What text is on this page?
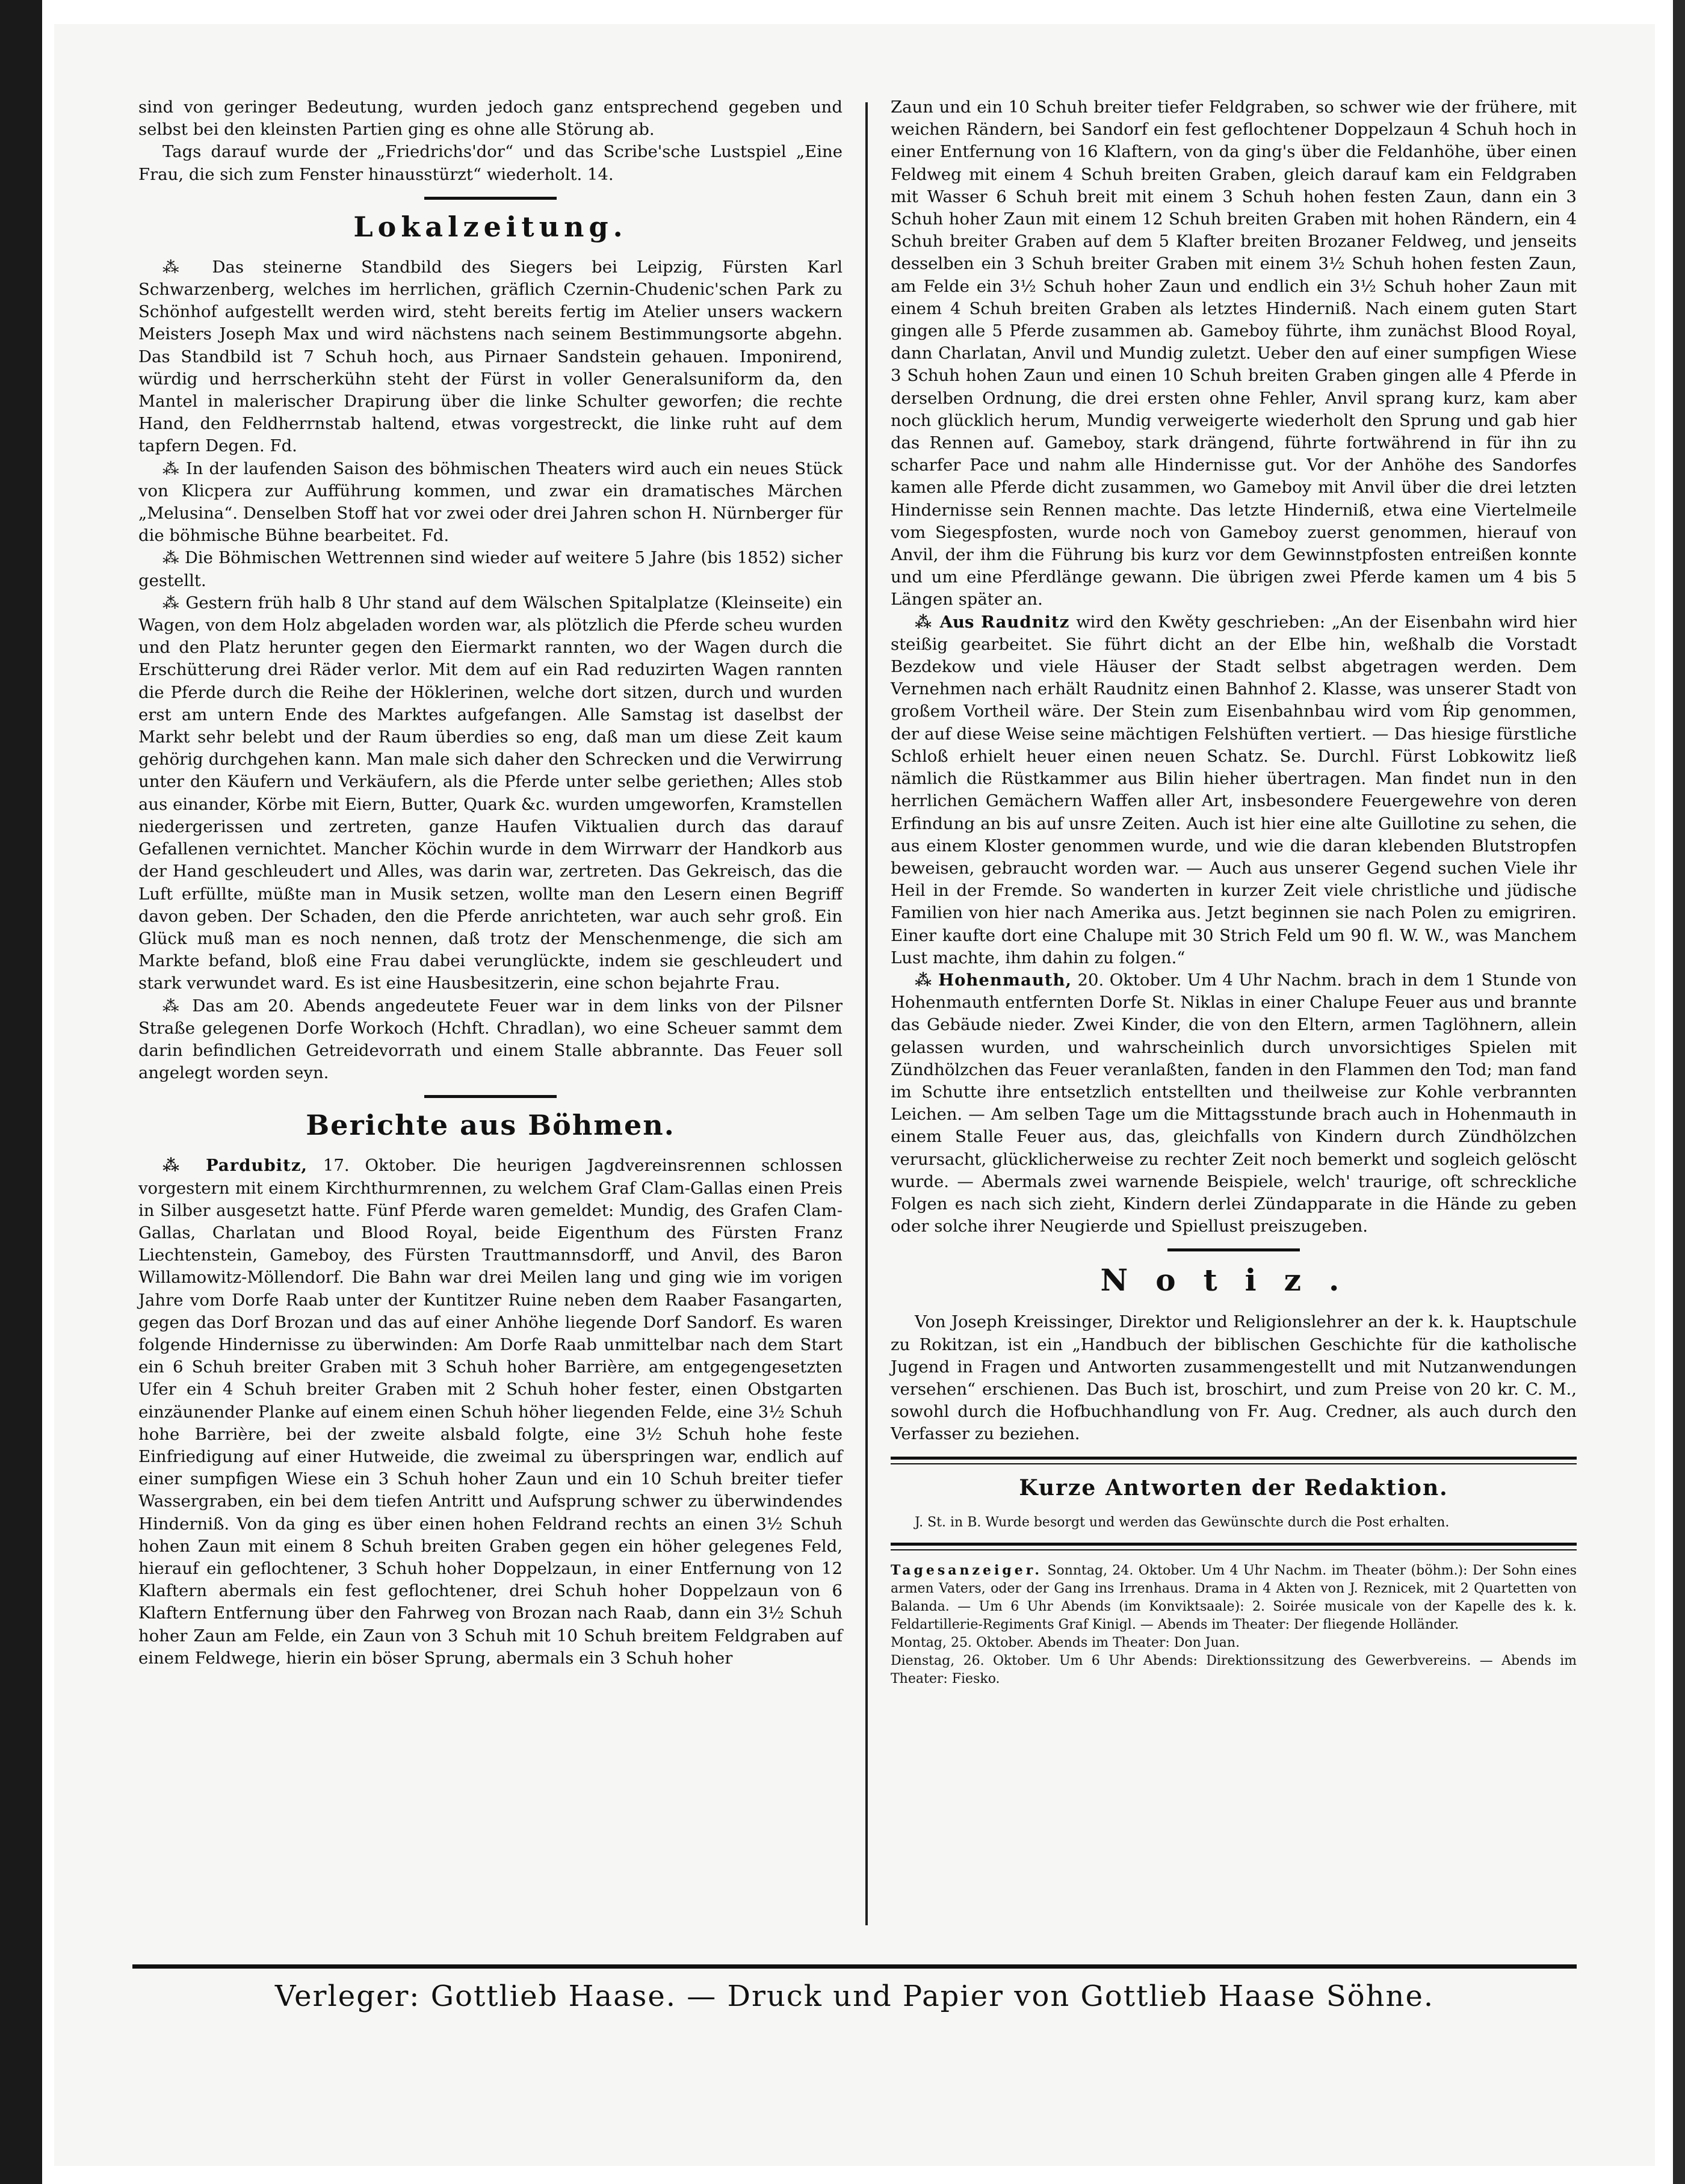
sind von geringer Bedeutung, wurden jedoch ganz entsprechend gegeben und selbst bei den kleinsten Partien ging es ohne alle Störung ab.

Tags darauf wurde der „Friedrichs'dor“ und das Scribe'sche Lustspiel „Eine Frau, die sich zum Fenster hinausstürzt“ wiederholt. 14.

Lokalzeitung.

⁂ Das steinerne Standbild des Siegers bei Leipzig, Fürsten Karl Schwarzenberg, welches im herrlichen, gräflich Czernin-Chudenic'schen Park zu Schönhof aufgestellt werden wird, steht bereits fertig im Atelier unsers wackern Meisters Joseph Max und wird nächstens nach seinem Bestimmungsorte abgehn. Das Standbild ist 7 Schuh hoch, aus Pirnaer Sandstein gehauen. Imponirend, würdig und herrscherkühn steht der Fürst in voller Generalsuniform da, den Mantel in malerischer Drapirung über die linke Schulter geworfen; die rechte Hand, den Feldherrnstab haltend, etwas vorgestreckt, die linke ruht auf dem tapfern Degen. Fd.

⁂ In der laufenden Saison des böhmischen Theaters wird auch ein neues Stück von Klicpera zur Aufführung kommen, und zwar ein dramatisches Märchen „Melusina“. Denselben Stoff hat vor zwei oder drei Jahren schon H. Nürnberger für die böhmische Bühne bearbeitet. Fd.

⁂ Die Böhmischen Wettrennen sind wieder auf weitere 5 Jahre (bis 1852) sicher gestellt.

⁂ Gestern früh halb 8 Uhr stand auf dem Wälschen Spitalplatze (Kleinseite) ein Wagen, von dem Holz abgeladen worden war, als plötzlich die Pferde scheu wurden und den Platz herunter gegen den Eiermarkt rannten, wo der Wagen durch die Erschütterung drei Räder verlor. Mit dem auf ein Rad reduzirten Wagen rannten die Pferde durch die Reihe der Höklerinen, welche dort sitzen, durch und wurden erst am untern Ende des Marktes aufgefangen. Alle Samstag ist daselbst der Markt sehr belebt und der Raum überdies so eng, daß man um diese Zeit kaum gehörig durchgehen kann. Man male sich daher den Schrecken und die Verwirrung unter den Käufern und Verkäufern, als die Pferde unter selbe geriethen; Alles stob aus einander, Körbe mit Eiern, Butter, Quark &c. wurden umgeworfen, Kramstellen niedergerissen und zertreten, ganze Haufen Viktualien durch das darauf Gefallenen vernichtet. Mancher Köchin wurde in dem Wirrwarr der Handkorb aus der Hand geschleudert und Alles, was darin war, zertreten. Das Gekreisch, das die Luft erfüllte, müßte man in Musik setzen, wollte man den Lesern einen Begriff davon geben. Der Schaden, den die Pferde anrichteten, war auch sehr groß. Ein Glück muß man es noch nennen, daß trotz der Menschenmenge, die sich am Markte befand, bloß eine Frau dabei verunglückte, indem sie geschleudert und stark verwundet ward. Es ist eine Hausbesitzerin, eine schon bejahrte Frau.

⁂ Das am 20. Abends angedeutete Feuer war in dem links von der Pilsner Straße gelegenen Dorfe Workoch (Hchft. Chradlan), wo eine Scheuer sammt dem darin befindlichen Getreidevorrath und einem Stalle abbrannte. Das Feuer soll angelegt worden seyn.

Berichte aus Böhmen.

⁂ Pardubitz, 17. Oktober. Die heurigen Jagdvereinsrennen schlossen vorgestern mit einem Kirchthurmrennen, zu welchem Graf Clam-Gallas einen Preis in Silber ausgesetzt hatte. Fünf Pferde waren gemeldet: Mundig, des Grafen Clam-Gallas, Charlatan und Blood Royal, beide Eigenthum des Fürsten Franz Liechtenstein, Gameboy, des Fürsten Trauttmannsdorff, und Anvil, des Baron Willamowitz-Möllendorf. Die Bahn war drei Meilen lang und ging wie im vorigen Jahre vom Dorfe Raab unter der Kuntitzer Ruine neben dem Raaber Fasangarten, gegen das Dorf Brozan und das auf einer Anhöhe liegende Dorf Sandorf. Es waren folgende Hindernisse zu überwinden: Am Dorfe Raab unmittelbar nach dem Start ein 6 Schuh breiter Graben mit 3 Schuh hoher Barrière, am entgegengesetzten Ufer ein 4 Schuh breiter Graben mit 2 Schuh hoher fester, einen Obstgarten einzäunender Planke auf einem einen Schuh höher liegenden Felde, eine 3½ Schuh hohe Barrière, bei der zweite alsbald folgte, eine 3½ Schuh hohe feste Einfriedigung auf einer Hutweide, die zweimal zu überspringen war, endlich auf einer sumpfigen Wiese ein 3 Schuh hoher Zaun und ein 10 Schuh breiter tiefer Wassergraben, ein bei dem tiefen Antritt und Aufsprung schwer zu überwindendes Hinderniß. Von da ging es über einen hohen Feldrand rechts an einen 3½ Schuh hohen Zaun mit einem 8 Schuh breiten Graben gegen ein höher gelegenes Feld, hierauf ein geflochtener, 3 Schuh hoher Doppelzaun, in einer Entfernung von 12 Klaftern abermals ein fest geflochtener, drei Schuh hoher Doppelzaun von 6 Klaftern Entfernung über den Fahrweg von Brozan nach Raab, dann ein 3½ Schuh hoher Zaun am Felde, ein Zaun von 3 Schuh mit 10 Schuh breitem Feldgraben auf einem Feldwege, hierin ein böser Sprung, abermals ein 3 Schuh hoher

Zaun und ein 10 Schuh breiter tiefer Feldgraben, so schwer wie der frühere, mit weichen Rändern, bei Sandorf ein fest geflochtener Doppelzaun 4 Schuh hoch in einer Entfernung von 16 Klaftern, von da ging's über die Feldanhöhe, über einen Feldweg mit einem 4 Schuh breiten Graben, gleich darauf kam ein Feldgraben mit Wasser 6 Schuh breit mit einem 3 Schuh hohen festen Zaun, dann ein 3 Schuh hoher Zaun mit einem 12 Schuh breiten Graben mit hohen Rändern, ein 4 Schuh breiter Graben auf dem 5 Klafter breiten Brozaner Feldweg, und jenseits desselben ein 3 Schuh breiter Graben mit einem 3½ Schuh hohen festen Zaun, am Felde ein 3½ Schuh hoher Zaun und endlich ein 3½ Schuh hoher Zaun mit einem 4 Schuh breiten Graben als letztes Hinderniß. Nach einem guten Start gingen alle 5 Pferde zusammen ab. Gameboy führte, ihm zunächst Blood Royal, dann Charlatan, Anvil und Mundig zuletzt. Ueber den auf einer sumpfigen Wiese 3 Schuh hohen Zaun und einen 10 Schuh breiten Graben gingen alle 4 Pferde in derselben Ordnung, die drei ersten ohne Fehler, Anvil sprang kurz, kam aber noch glücklich herum, Mundig verweigerte wiederholt den Sprung und gab hier das Rennen auf. Gameboy, stark drängend, führte fortwährend in für ihn zu scharfer Pace und nahm alle Hindernisse gut. Vor der Anhöhe des Sandorfes kamen alle Pferde dicht zusammen, wo Gameboy mit Anvil über die drei letzten Hindernisse sein Rennen machte. Das letzte Hinderniß, etwa eine Viertelmeile vom Siegespfosten, wurde noch von Gameboy zuerst genommen, hierauf von Anvil, der ihm die Führung bis kurz vor dem Gewinnstpfosten entreißen konnte und um eine Pferdlänge gewann. Die übrigen zwei Pferde kamen um 4 bis 5 Längen später an.

⁂ Aus Raudnitz wird den Kwěty geschrieben: „An der Eisenbahn wird hier steißig gearbeitet. Sie führt dicht an der Elbe hin, weßhalb die Vorstadt Bezdekow und viele Häuser der Stadt selbst abgetragen werden. Dem Vernehmen nach erhält Raudnitz einen Bahnhof 2. Klasse, was unserer Stadt von großem Vortheil wäre. Der Stein zum Eisenbahnbau wird vom Ŕip genommen, der auf diese Weise seine mächtigen Felshüften vertiert. — Das hiesige fürstliche Schloß erhielt heuer einen neuen Schatz. Se. Durchl. Fürst Lobkowitz ließ nämlich die Rüstkammer aus Bilin hieher übertragen. Man findet nun in den herrlichen Gemächern Waffen aller Art, insbesondere Feuergewehre von deren Erfindung an bis auf unsre Zeiten. Auch ist hier eine alte Guillotine zu sehen, die aus einem Kloster genommen wurde, und wie die daran klebenden Blutstropfen beweisen, gebraucht worden war. — Auch aus unserer Gegend suchen Viele ihr Heil in der Fremde. So wanderten in kurzer Zeit viele christliche und jüdische Familien von hier nach Amerika aus. Jetzt beginnen sie nach Polen zu emigriren. Einer kaufte dort eine Chalupe mit 30 Strich Feld um 90 fl. W. W., was Manchem Lust machte, ihm dahin zu folgen.“

⁂ Hohenmauth, 20. Oktober. Um 4 Uhr Nachm. brach in dem 1 Stunde von Hohenmauth entfernten Dorfe St. Niklas in einer Chalupe Feuer aus und brannte das Gebäude nieder. Zwei Kinder, die von den Eltern, armen Taglöhnern, allein gelassen wurden, und wahrscheinlich durch unvorsichtiges Spielen mit Zündhölzchen das Feuer veranlaßten, fanden in den Flammen den Tod; man fand im Schutte ihre entsetzlich entstellten und theilweise zur Kohle verbrannten Leichen. — Am selben Tage um die Mittagsstunde brach auch in Hohenmauth in einem Stalle Feuer aus, das, gleichfalls von Kindern durch Zündhölzchen verursacht, glücklicherweise zu rechter Zeit noch bemerkt und sogleich gelöscht wurde. — Abermals zwei warnende Beispiele, welch' traurige, oft schreckliche Folgen es nach sich zieht, Kindern derlei Zündapparate in die Hände zu geben oder solche ihrer Neugierde und Spiellust preiszugeben.

Notiz.

Von Joseph Kreissinger, Direktor und Religionslehrer an der k. k. Hauptschule zu Rokitzan, ist ein „Handbuch der biblischen Geschichte für die katholische Jugend in Fragen und Antworten zusammengestellt und mit Nutzanwendungen versehen“ erschienen. Das Buch ist, broschirt, und zum Preise von 20 kr. C. M., sowohl durch die Hofbuchhandlung von Fr. Aug. Credner, als auch durch den Verfasser zu beziehen.

Kurze Antworten der Redaktion.

J. St. in B. Wurde besorgt und werden das Gewünschte durch die Post erhalten.

Tagesanzeiger. Sonntag, 24. Oktober. Um 4 Uhr Nachm. im Theater (böhm.): Der Sohn eines armen Vaters, oder der Gang ins Irrenhaus. Drama in 4 Akten von J. Reznicek, mit 2 Quartetten von Balanda. — Um 6 Uhr Abends (im Konviktsaale): 2. Soirée musicale von der Kapelle des k. k. Feldartillerie-Regiments Graf Kinigl. — Abends im Theater: Der fliegende Holländer.

Montag, 25. Oktober. Abends im Theater: Don Juan.

Dienstag, 26. Oktober. Um 6 Uhr Abends: Direktionssitzung des Gewerbvereins. — Abends im Theater: Fiesko.

Verleger: Gottlieb Haase. — Druck und Papier von Gottlieb Haase Söhne.
